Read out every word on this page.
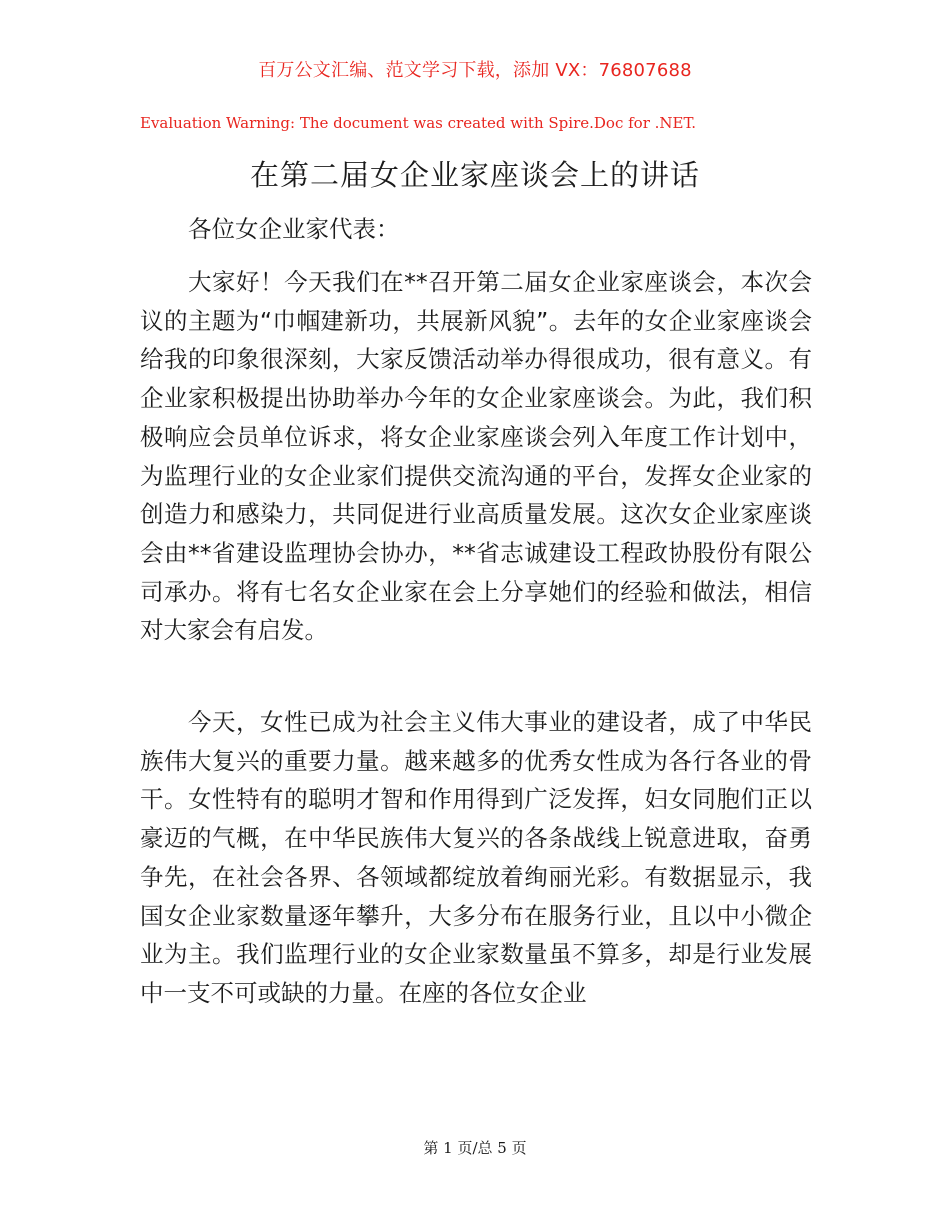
百万公文汇编、范文学习下载，添加 VX：76807688
Evaluation Warning: The document was created with Spire.Doc for .NET.
在第二届女企业家座谈会上的讲话
各位女企业家代表：
大家好！今天我们在**召开第二届女企业家座谈会，本次会议的主题为“巾帼建新功，共展新风貌”。去年的女企业家座谈会给我的印象很深刻，大家反馈活动举办得很成功，很有意义。有企业家积极提出协助举办今年的女企业家座谈会。为此，我们积极响应会员单位诉求，将女企业家座谈会列入年度工作计划中，为监理行业的女企业家们提供交流沟通的平台，发挥女企业家的创造力和感染力，共同促进行业高质量发展。这次女企业家座谈会由**省建设监理协会协办，**省志诚建设工程政协股份有限公司承办。将有七名女企业家在会上分享她们的经验和做法，相信对大家会有启发。
今天，女性已成为社会主义伟大事业的建设者，成了中华民族伟大复兴的重要力量。越来越多的优秀女性成为各行各业的骨干。女性特有的聪明才智和作用得到广泛发挥，妇女同胞们正以豪迈的气概，在中华民族伟大复兴的各条战线上锐意进取，奋勇争先，在社会各界、各领域都绽放着绚丽光彩。有数据显示，我国女企业家数量逐年攀升，大多分布在服务行业，且以中小微企业为主。我们监理行业的女企业家数量虽不算多，却是行业发展中一支不可或缺的力量。在座的各位女企业
第 1 页/总 5 页
